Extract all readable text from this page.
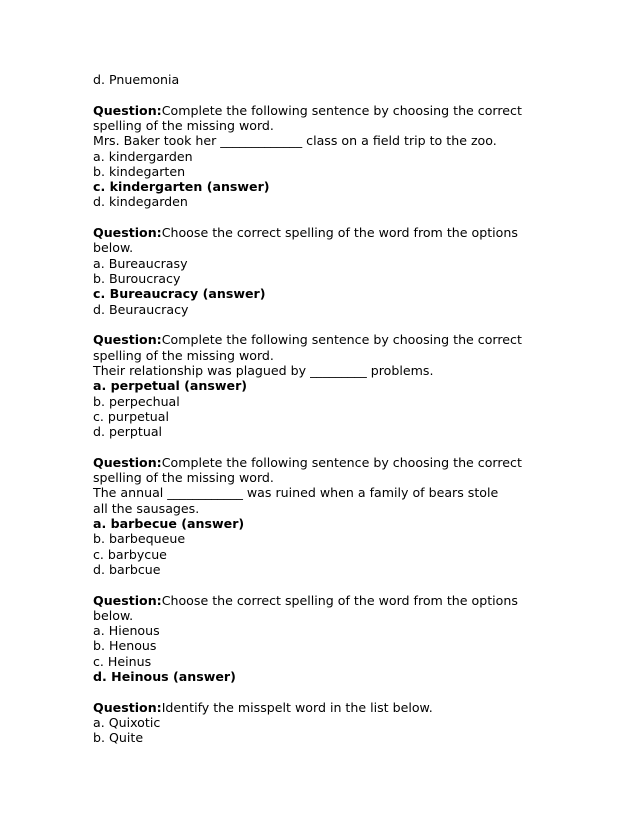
d. Pnuemonia
Question:Complete the following sentence by choosing the correct
spelling of the missing word.
Mrs. Baker took her _____________ class on a field trip to the zoo.
a. kindergarden
b. kindegarten
c. kindergarten (answer)
d. kindegarden
Question:Choose the correct spelling of the word from the options
below.
a. Bureaucrasy
b. Buroucracy
c. Bureaucracy (answer)
d. Beuraucracy
Question:Complete the following sentence by choosing the correct
spelling of the missing word.
Their relationship was plagued by _________ problems.
a. perpetual (answer)
b. perpechual
c. purpetual
d. perptual
Question:Complete the following sentence by choosing the correct
spelling of the missing word.
The annual ____________ was ruined when a family of bears stole
all the sausages.
a. barbecue (answer)
b. barbequeue
c. barbycue
d. barbcue
Question:Choose the correct spelling of the word from the options
below.
a. Hienous
b. Henous
c. Heinus
d. Heinous (answer)
Question:Identify the misspelt word in the list below.
a. Quixotic
b. Quite
